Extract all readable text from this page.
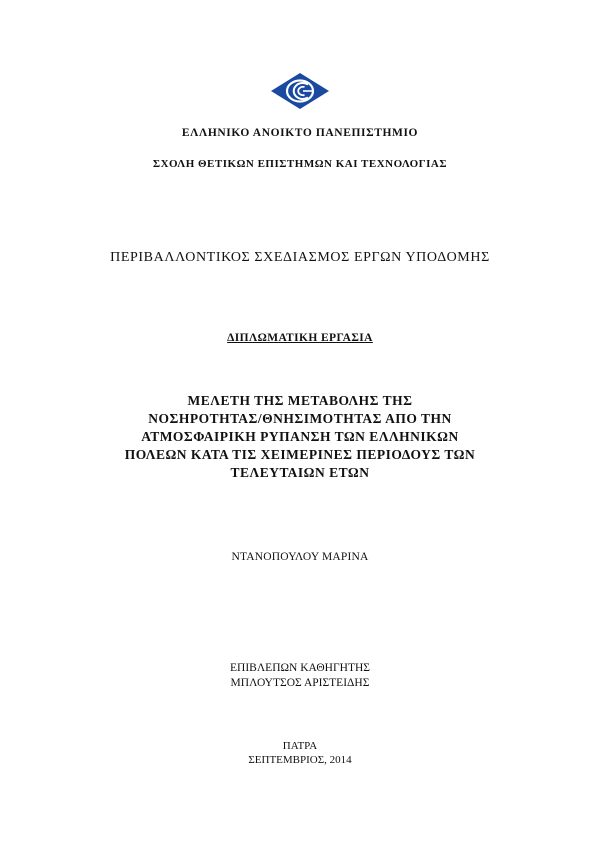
ΕΛΛΗΝΙΚΟ ΑΝΟΙΚΤΟ ΠΑΝΕΠΙΣΤΗΜΙΟ
ΣΧΟΛΗ ΘΕΤΙΚΩΝ ΕΠΙΣΤΗΜΩΝ ΚΑΙ ΤΕΧΝΟΛΟΓΙΑΣ
ΠΕΡΙΒΑΛΛΟΝΤΙΚΟΣ ΣΧΕΔΙΑΣΜΟΣ ΕΡΓΩΝ ΥΠΟΔΟΜΗΣ
ΔΙΠΛΩΜΑΤΙΚΗ ΕΡΓΑΣΙΑ
ΜΕΛΕΤΗ ΤΗΣ ΜΕΤΑΒΟΛΗΣ ΤΗΣ
ΝΟΣΗΡΟΤΗΤΑΣ/ΘΝΗΣΙΜΟΤΗΤΑΣ ΑΠΟ ΤΗΝ
ΑΤΜΟΣΦΑΙΡΙΚΗ ΡΥΠΑΝΣΗ ΤΩΝ ΕΛΛΗΝΙΚΩΝ
ΠΟΛΕΩΝ ΚΑΤΑ ΤΙΣ ΧΕΙΜΕΡΙΝΕΣ ΠΕΡΙΟΔΟΥΣ ΤΩΝ
ΤΕΛΕΥΤΑΙΩΝ ΕΤΩΝ
ΝΤΑΝΟΠΟΥΛΟΥ ΜΑΡΙΝΑ
ΕΠΙΒΛΕΠΩΝ ΚΑΘΗΓΗΤΗΣ
ΜΠΛΟΥΤΣΟΣ ΑΡΙΣΤΕΙΔΗΣ
ΠΑΤΡΑ
ΣΕΠΤΕΜΒΡΙΟΣ, 2014
